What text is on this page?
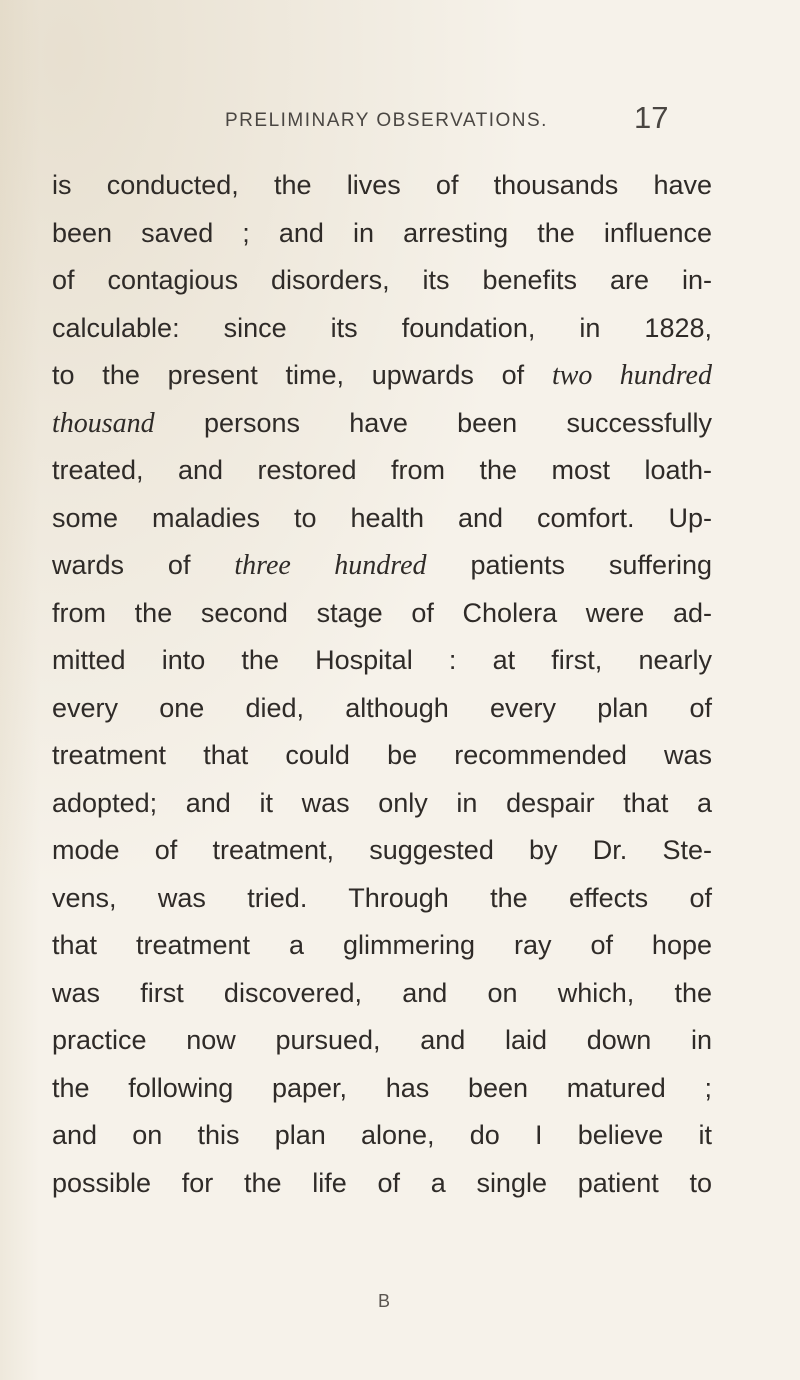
PRELIMINARY OBSERVATIONS.	17

is conducted, the lives of thousands have
been saved ; and in arresting the influence
of contagious disorders, its benefits are in-
calculable: since its foundation, in 1828,
to the present time, upwards of two hundred
thousand persons have been successfully
treated, and restored from the most loath-
some maladies to health and comfort. Up-
wards of three hundred patients suffering
from the second stage of Cholera were ad-
mitted into the Hospital : at first, nearly
every one died, although every plan of
treatment that could be recommended was
adopted; and it was only in despair that a
mode of treatment, suggested by Dr. Ste-
vens, was tried. Through the effects of
that treatment a glimmering ray of hope
was first discovered, and on which, the
practice now pursued, and laid down in
the following paper, has been matured ;
and on this plan alone, do I believe it
possible for the life of a single patient to

B
